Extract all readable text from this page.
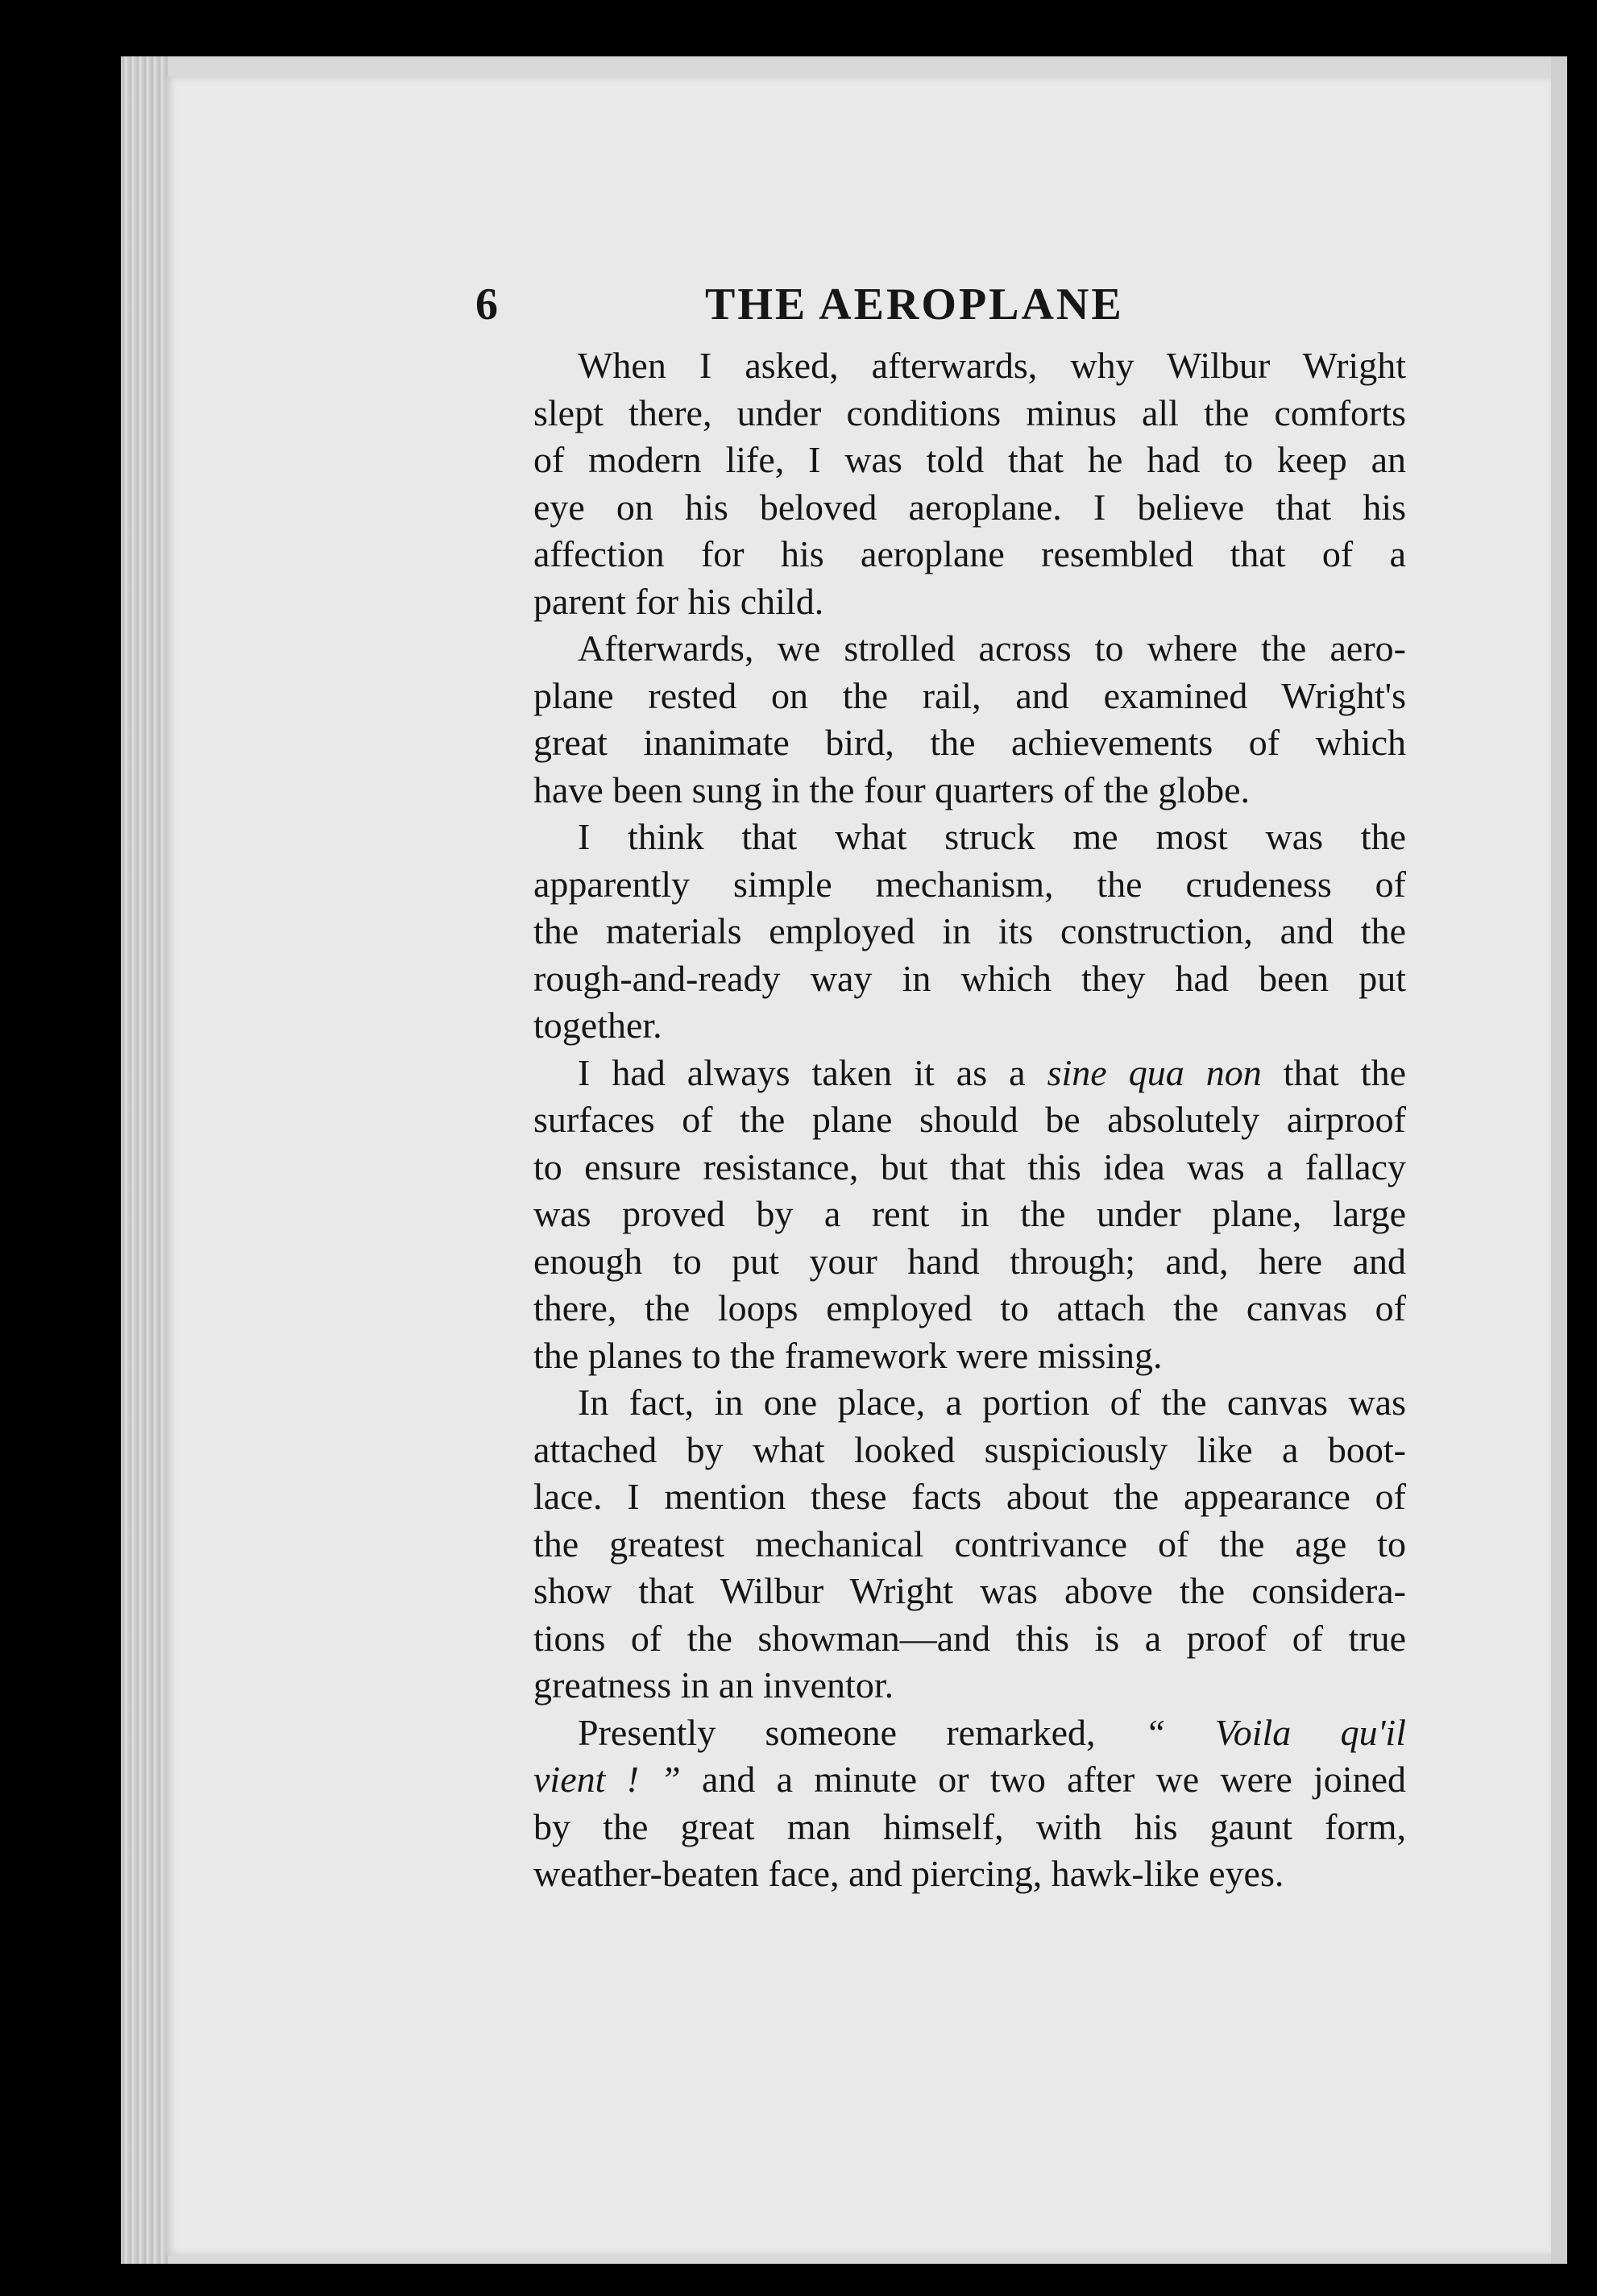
6	THE AEROPLANE

When I asked, afterwards, why Wilbur Wright
slept there, under conditions minus all the comforts
of modern life, I was told that he had to keep an
eye on his beloved aeroplane. I believe that his
affection for his aeroplane resembled that of a
parent for his child.

Afterwards, we strolled across to where the aero-
plane rested on the rail, and examined Wright's
great inanimate bird, the achievements of which
have been sung in the four quarters of the globe.

I think that what struck me most was the
apparently simple mechanism, the crudeness of
the materials employed in its construction, and the
rough-and-ready way in which they had been put
together.

I had always taken it as a sine qua non that the
surfaces of the plane should be absolutely airproof
to ensure resistance, but that this idea was a fallacy
was proved by a rent in the under plane, large
enough to put your hand through; and, here and
there, the loops employed to attach the canvas of
the planes to the framework were missing.

In fact, in one place, a portion of the canvas was
attached by what looked suspiciously like a boot-
lace. I mention these facts about the appearance of
the greatest mechanical contrivance of the age to
show that Wilbur Wright was above the considera-
tions of the showman—and this is a proof of true
greatness in an inventor.

Presently someone remarked, “ Voila qu'il
vient ! ” and a minute or two after we were joined
by the great man himself, with his gaunt form,
weather-beaten face, and piercing, hawk-like eyes.
